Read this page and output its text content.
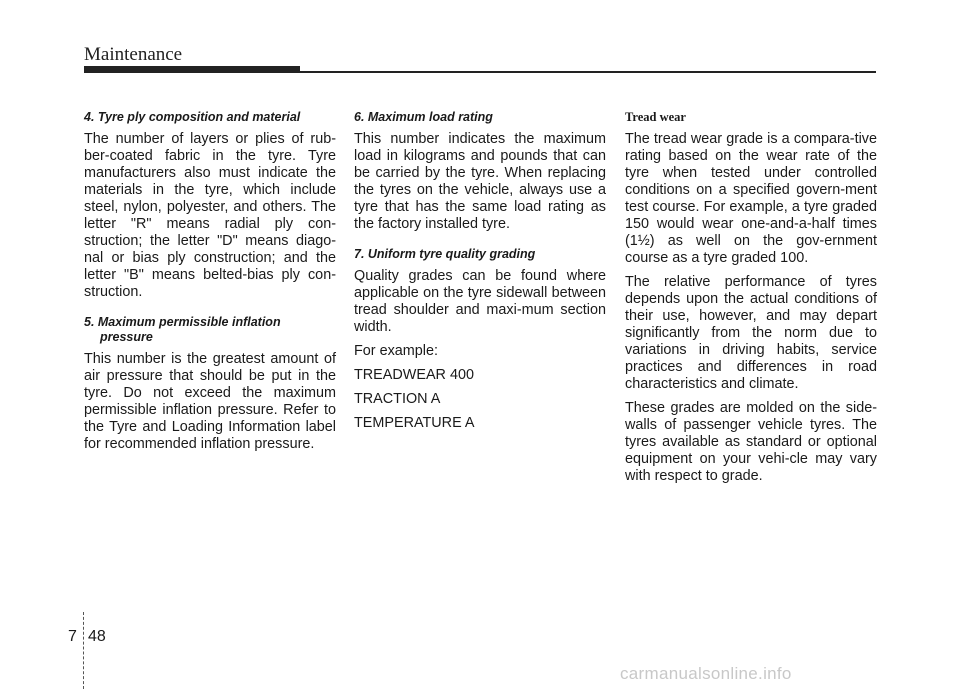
Maintenance
4. Tyre ply composition and material

The number of layers or plies of rub-ber-coated fabric in the tyre. Tyre manufacturers also must indicate the materials in the tyre, which include steel, nylon, polyester, and others. The letter "R" means radial ply con-struction; the letter "D" means diago-nal or bias ply construction; and the letter "B" means belted-bias ply con-struction.

5. Maximum permissible inflation pressure

This number is the greatest amount of air pressure that should be put in the tyre. Do not exceed the maximum permissible inflation pressure. Refer to the Tyre and Loading Information label for recommended inflation pressure.

6. Maximum load rating

This number indicates the maximum load in kilograms and pounds that can be carried by the tyre. When replacing the tyres on the vehicle, always use a tyre that has the same load rating as the factory installed tyre.

7. Uniform tyre quality grading

Quality grades can be found where applicable on the tyre sidewall between tread shoulder and maxi-mum section width.

For example:

TREADWEAR 400

TRACTION A

TEMPERATURE A

Tread wear

The tread wear grade is a compara-tive rating based on the wear rate of the tyre when tested under controlled conditions on a specified govern-ment test course. For example, a tyre graded 150 would wear one-and-a-half times (1½) as well on the gov-ernment course as a tyre graded 100.

The relative performance of tyres depends upon the actual conditions of their use, however, and may depart significantly from the norm due to variations in driving habits, service practices and differences in road characteristics and climate.

These grades are molded on the side-walls of passenger vehicle tyres. The tyres available as standard or optional equipment on your vehi-cle may vary with respect to grade.

7 48
carmanualsonline.info
